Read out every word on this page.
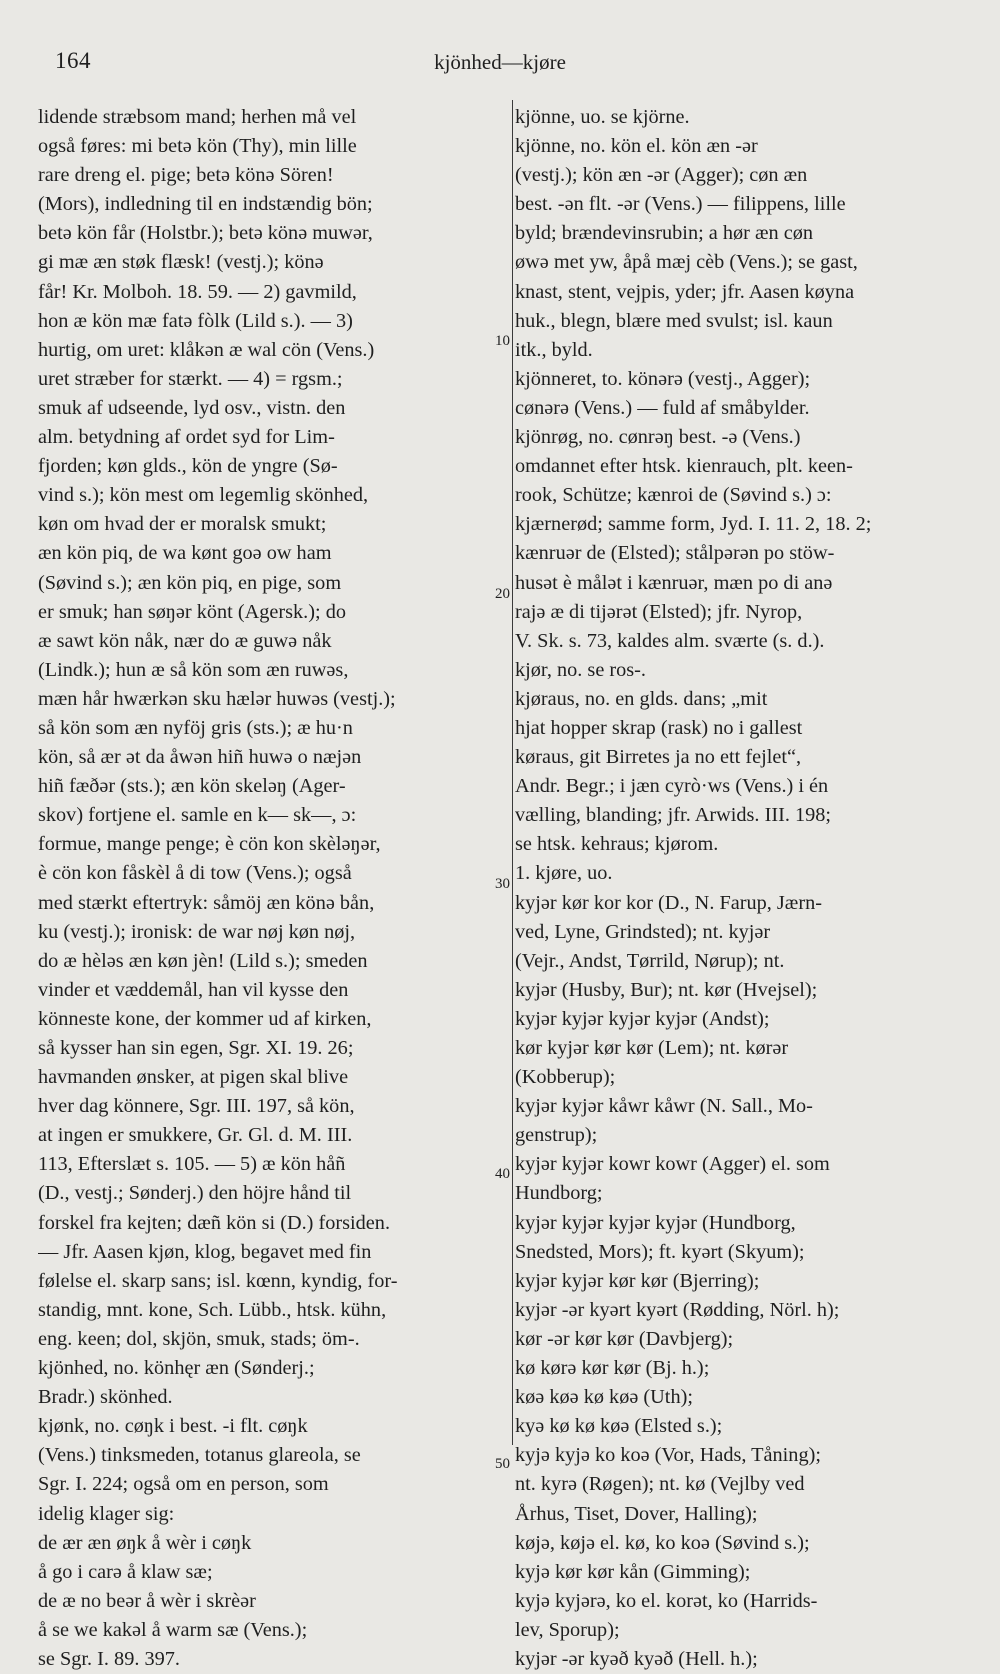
164	kjönhed—kjøre
lidende stræbsom mand; herhen må vel
også føres: mi betə kön (Thy), min lille
rare dreng el. pige; betə könə Sören!
(Mors), indledning til en indstændig bön;
betə kön får (Holstbr.); betə könə muwər,
gi mæ æn støk flæsk! (vestj.); könə
får! Kr. Molboh. 18. 59. — 2) gavmild,
hon æ kön mæ fatə fòlk (Lild s.). — 3)
hurtig, om uret: klåkən æ wal cön (Vens.)
uret stræber for stærkt. — 4) = rgsm.;
smuk af udseende, lyd osv., vistn. den
alm. betydning af ordet syd for Lim-
fjorden; køn glds., kön de yngre (Sø-
vind s.); kön mest om legemlig skönhed,
køn om hvad der er moralsk smukt;
æn kön piq, de wa kønt goə ow ham
(Søvind s.); æn kön piq, en pige, som
er smuk; han søŋər könt (Agersk.); do
æ sawt kön nåk, nær do æ guwə nåk
(Lindk.); hun æ så kön som æn ruwəs,
mæn hår hwærkən sku hælər huwəs (vestj.);
så kön som æn nyföj gris (sts.); æ hu·n
kön, så ær ət da åwən hiñ huwə o næjən
hiñ fæðər (sts.); æn kön skeləŋ (Ager-
skov) fortjene el. samle en k— sk—, ɔ:
formue, mange penge; è cön kon skèləŋər,
è cön kon fåskèl å di tow (Vens.); også
med stærkt eftertryk: såmöj æn könə bån,
ku (vestj.); ironisk: de war nøj køn nøj,
do æ hèləs æn køn jèn! (Lild s.); smeden
vinder et væddemål, han vil kysse den
könneste kone, der kommer ud af kirken,
så kysser han sin egen, Sgr. XI. 19. 26;
havmanden ønsker, at pigen skal blive
hver dag könnere, Sgr. III. 197, så kön,
at ingen er smukkere, Gr. Gl. d. M. III.
113, Efterslæt s. 105. — 5) æ kön håñ
(D., vestj.; Sønderj.) den höjre hånd til
forskel fra kejten; dæñ kön si (D.) forsiden.
— Jfr. Aasen kjøn, klog, begavet med fin
følelse el. skarp sans; isl. kœnn, kyndig, for-
standig, mnt. kone, Sch. Lübb., htsk. kühn,
eng. keen; dol, skjön, smuk, stads; öm-.
kjönhed, no. könhęr æn (Sønderj.;
Bradr.) skönhed.
kjønk, no. cøŋk i best. -i flt. cøŋk
(Vens.) tinksmeden, totanus glareola, se
Sgr. I. 224; også om en person, som
idelig klager sig:
de ær æn øŋk å wèr i cøŋk
å go i carə å klaw sæ;
de æ no beər å wèr i skrèər
å se we kakəl å warm sæ (Vens.);
se Sgr. I. 89. 397.
kjönne, uo. se kjörne.
kjönne, no. kön el. kön æn -ər
(vestj.); kön æn -ər (Agger); cøn æn
best. -ən flt. -ər (Vens.) — filippens, lille
byld; brændevinsrubin; a hør æn cøn
øwə met yw, åpå mæj cèb (Vens.); se gast,
knast, stent, vejpis, yder; jfr. Aasen køyna
huk., blegn, blære med svulst; isl. kaun
itk., byld.
kjönneret, to. könərə (vestj., Agger);
cønərə (Vens.) — fuld af småbylder.
kjönrøg, no. cønrəŋ best. -ə (Vens.)
omdannet efter htsk. kienrauch, plt. keen-
rook, Schütze; kænroi de (Søvind s.) ɔ:
kjærnerød; samme form, Jyd. I. 11. 2, 18. 2;
kænruər de (Elsted); stålpərən po stöw-
husət è målət i kænruər, mæn po di anə
rajə æ di tijərət (Elsted); jfr. Nyrop,
V. Sk. s. 73, kaldes alm. sværte (s. d.).
kjør, no. se ros-.
kjøraus, no. en glds. dans; „mit
hjat hopper skrap (rask) no i gallest
køraus, git Birretes ja no ett fejlet“,
Andr. Begr.; i jæn cyrò·ws (Vens.) i én
vælling, blanding; jfr. Arwids. III. 198;
se htsk. kehraus; kjørom.
1. kjøre, uo.
kyjər kør kor kor (D., N. Farup, Jærn-
ved, Lyne, Grindsted); nt. kyjər
(Vejr., Andst, Tørrild, Nørup); nt.
kyjər (Husby, Bur); nt. kør (Hvejsel);
kyjər kyjər kyjər kyjər (Andst);
kør kyjər kør kør (Lem); nt. kørər
(Kobberup);
kyjər kyjər kåwr kåwr (N. Sall., Mo-
genstrup);
kyjər kyjər kowr kowr (Agger) el. som
Hundborg;
kyjər kyjər kyjər kyjər (Hundborg,
Snedsted, Mors); ft. kyərt (Skyum);
kyjər kyjər kør kør (Bjerring);
kyjər -ər kyərt kyərt (Rødding, Nörl. h);
kør -ər kør kør (Davbjerg);
kø kørə kør kør (Bj. h.);
køə køə kø køə (Uth);
kyə kø kø køə (Elsted s.);
kyjə kyjə ko koə (Vor, Hads, Tåning);
nt. kyrə (Røgen); nt. kø (Vejlby ved
Århus, Tiset, Dover, Halling);
køjə, køjə el. kø, ko koə (Søvind s.);
kyjə kør kør kån (Gimming);
kyjə kyjərə, ko el. korət, ko (Harrids-
lev, Sporup);
kyjər -ər kyəð kyəð (Hell. h.);
10
20
30
40
50
